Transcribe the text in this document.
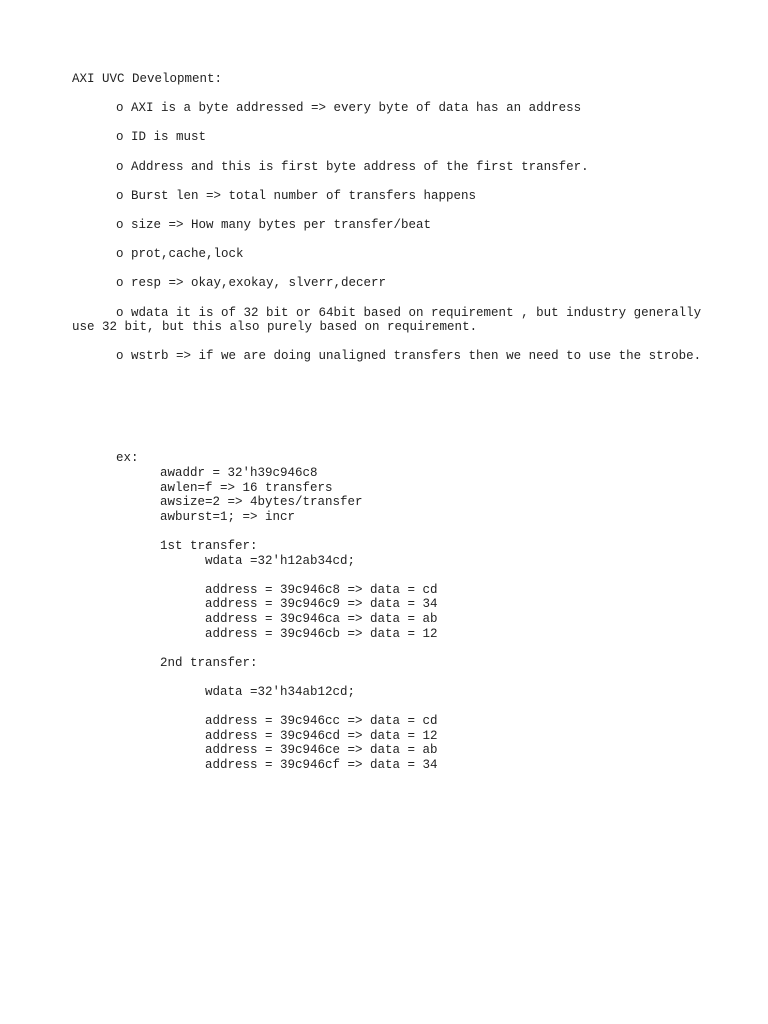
AXI UVC Development:
o AXI is a byte addressed => every byte of data has an address
o ID is must
o Address and this is first byte address of the first transfer.
o Burst len => total number of transfers happens
o size => How many bytes per transfer/beat
o prot,cache,lock
o resp => okay,exokay, slverr,decerr
o wdata it is of 32 bit or 64bit based on requirement , but industry generally use 32 bit, but this also purely based on requirement.
o wstrb => if we are doing unaligned transfers then we need to use the strobe.
ex:
awaddr = 32'h39c946c8
awlen=f => 16 transfers
awsize=2 => 4bytes/transfer
awburst=1; => incr
1st transfer:
wdata =32'h12ab34cd;
address = 39c946c8 => data = cd
address = 39c946c9 => data = 34
address = 39c946ca => data = ab
address = 39c946cb => data = 12
2nd transfer:
wdata =32'h34ab12cd;
address = 39c946cc => data = cd
address = 39c946cd => data = 12
address = 39c946ce => data = ab
address = 39c946cf => data = 34
